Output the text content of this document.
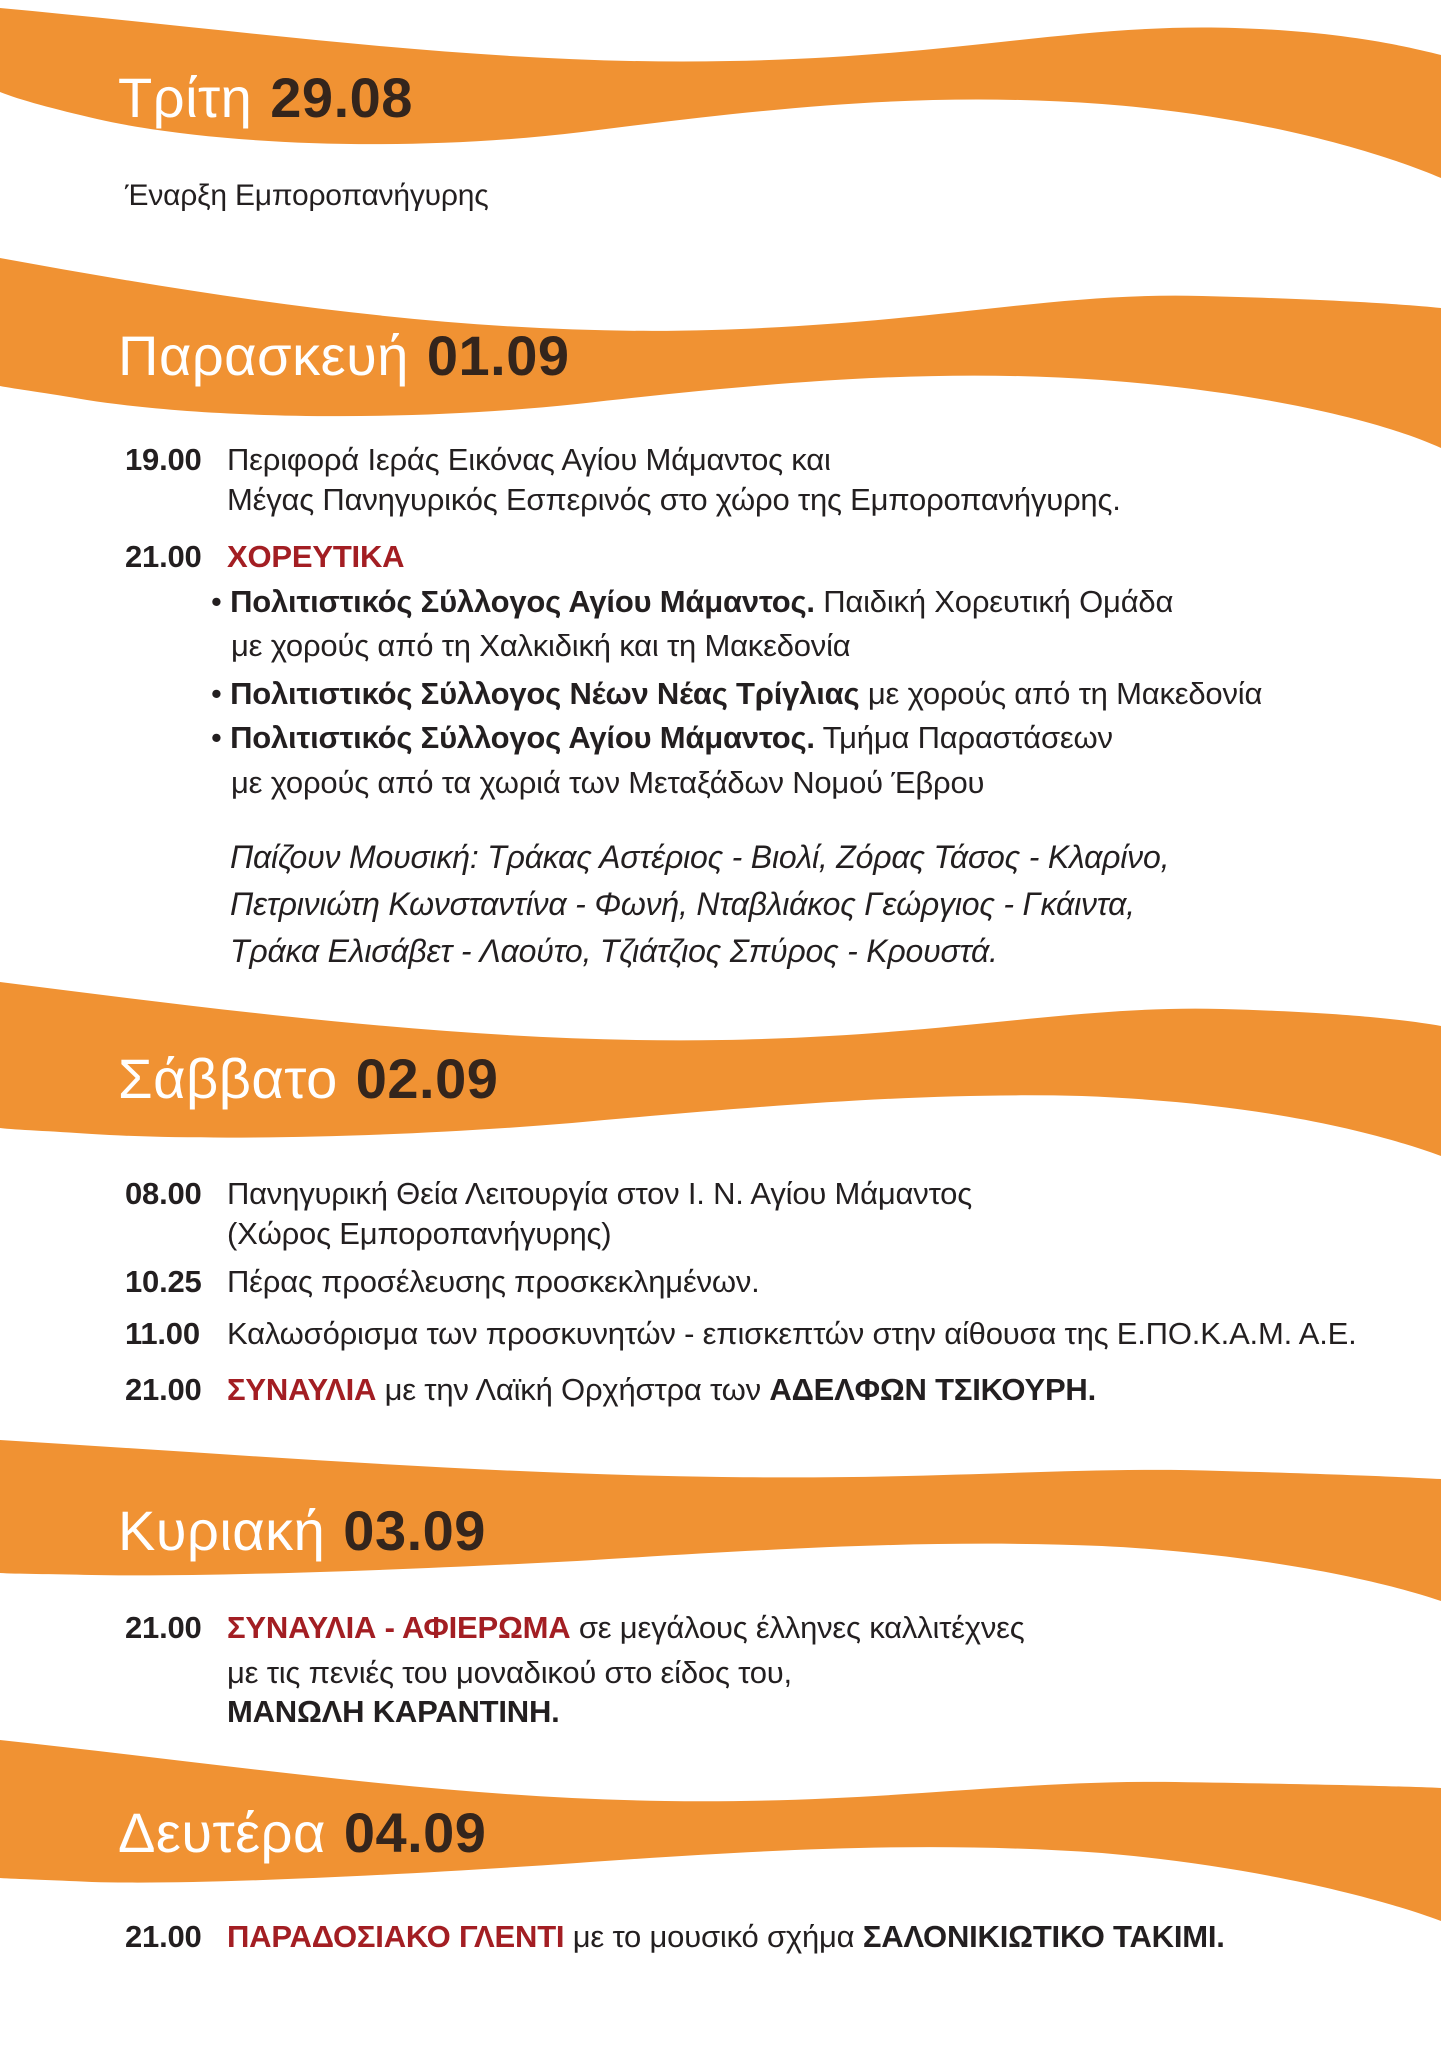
Τρίτη 29.08
Παρασκευή 01.09
Σάββατο 02.09
Κυριακή 03.09
Δευτέρα 04.09
Έναρξη Εμποροπανήγυρης
19.00 Περιφορά Ιεράς Εικόνας Αγίου Μάμαντος και
Μέγας Πανηγυρικός Εσπερινός στο χώρο της Εμποροπανήγυρης.
21.00 ΧΟΡΕΥΤΙΚΑ
• Πολιτιστικός Σύλλογος Αγίου Μάμαντος. Παιδική Χορευτική Ομάδα
με χορούς από τη Χαλκιδική και τη Μακεδονία
• Πολιτιστικός Σύλλογος Νέων Νέας Τρίγλιας με χορούς από τη Μακεδονία
• Πολιτιστικός Σύλλογος Αγίου Μάμαντος. Τμήμα Παραστάσεων
με χορούς από τα χωριά των Μεταξάδων Νομού Έβρου
Παίζουν Μουσική: Τράκας Αστέριος - Βιολί, Ζόρας Τάσος - Κλαρίνο,
Πετρινιώτη Κωνσταντίνα - Φωνή, Νταβλιάκος Γεώργιος - Γκάιντα,
Τράκα Ελισάβετ - Λαούτο, Τζιάτζιος Σπύρος - Κρουστά.
08.00 Πανηγυρική Θεία Λειτουργία στον Ι. Ν. Αγίου Μάμαντος
(Χώρος Εμποροπανήγυρης)
10.25 Πέρας προσέλευσης προσκεκλημένων.
11.00 Καλωσόρισμα των προσκυνητών - επισκεπτών στην αίθουσα της Ε.ΠΟ.Κ.Α.Μ. Α.Ε.
21.00 ΣΥΝΑΥΛΙΑ με την Λαϊκή Ορχήστρα των ΑΔΕΛΦΩΝ ΤΣΙΚΟΥΡΗ.
21.00 ΣΥΝΑΥΛΙΑ - ΑΦΙΕΡΩΜΑ σε μεγάλους έλληνες καλλιτέχνες
με τις πενιές του μοναδικού στο είδος του,
ΜΑΝΩΛΗ ΚΑΡΑΝΤΙΝΗ.
21.00 ΠΑΡΑΔΟΣΙΑΚΟ ΓΛΕΝΤΙ με το μουσικό σχήμα ΣΑΛΟΝΙΚΙΩΤΙΚΟ ΤΑΚΙΜΙ.
